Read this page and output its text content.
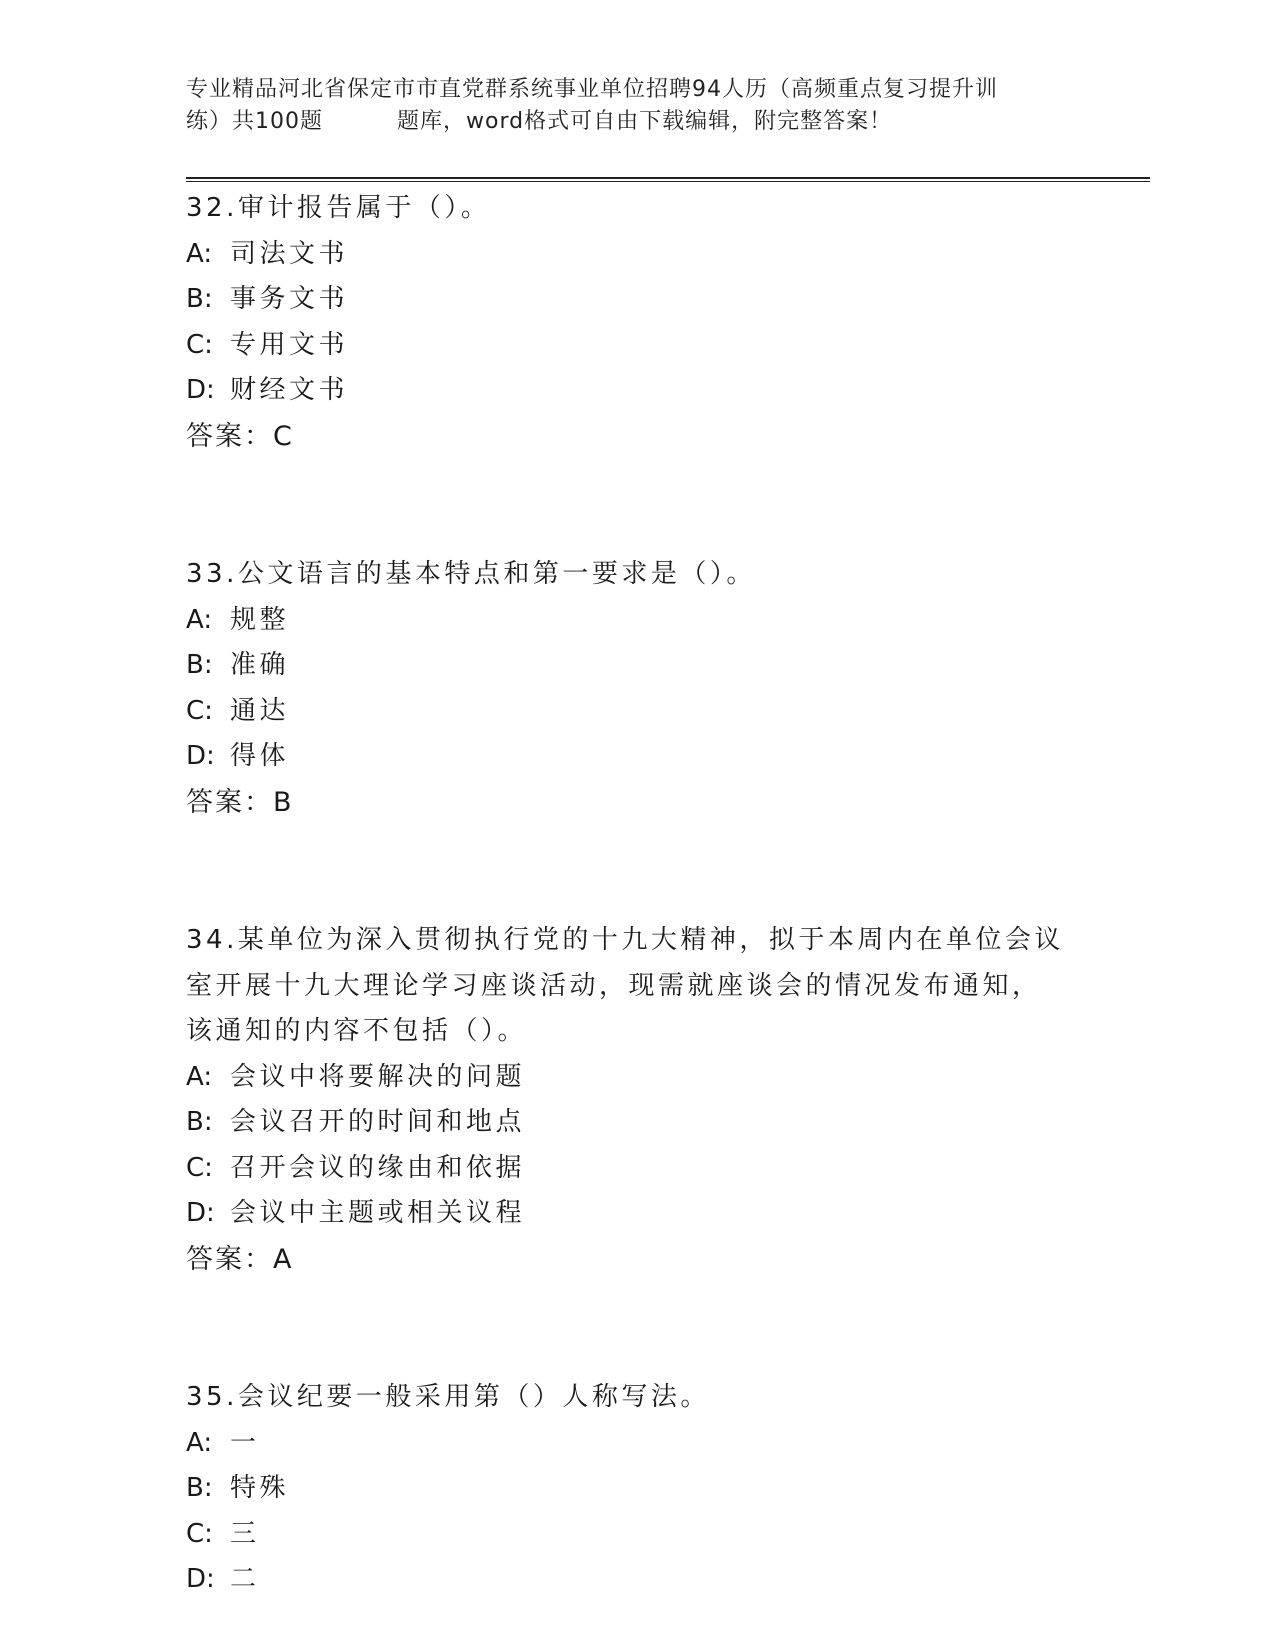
专业精品河北省保定市市直党群系统事业单位招聘94人历（高频重点复习提升训
练）共100题	题库，word格式可自由下载编辑，附完整答案！
32.审计报告属于（）。
A: 司法文书
B: 事务文书
C: 专用文书
D: 财经文书
答案：C
33.公文语言的基本特点和第一要求是（）。
A: 规整
B: 准确
C: 通达
D: 得体
答案：B
34.某单位为深入贯彻执行党的十九大精神，拟于本周内在单位会议室开展十九大理论学习座谈活动，现需就座谈会的情况发布通知，该通知的内容不包括（）。
A: 会议中将要解决的问题
B: 会议召开的时间和地点
C: 召开会议的缘由和依据
D: 会议中主题或相关议程
答案：A
35.会议纪要一般采用第（）人称写法。
A: 一
B: 特殊
C: 三
D: 二
